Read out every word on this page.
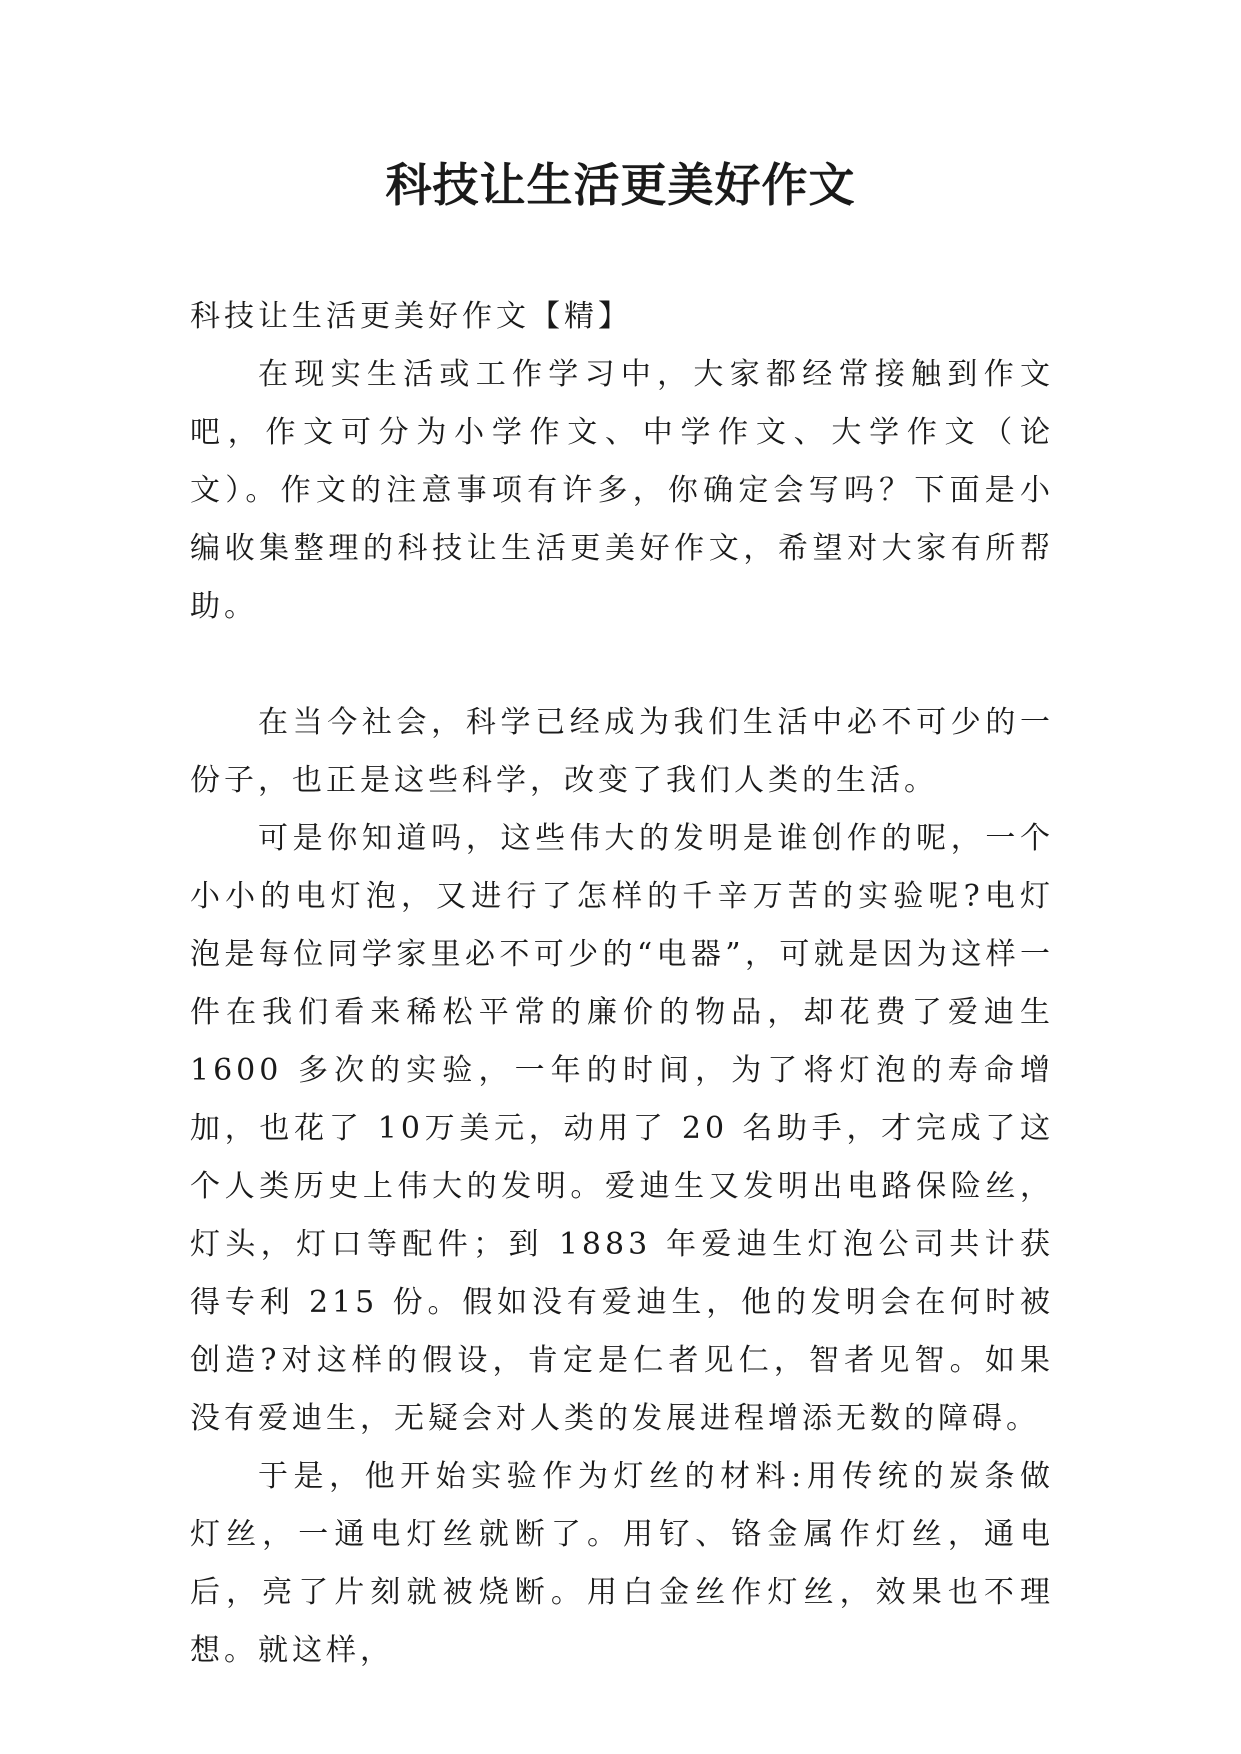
科技让生活更美好作文

科技让生活更美好作文【精】

在现实生活或工作学习中，大家都经常接触到作文吧，作文可分为小学作文、中学作文、大学作文（论文）。作文的注意事项有许多，你确定会写吗？下面是小编收集整理的科技让生活更美好作文，希望对大家有所帮助。

在当今社会，科学已经成为我们生活中必不可少的一份子，也正是这些科学，改变了我们人类的生活。

可是你知道吗，这些伟大的发明是谁创作的呢，一个小小的电灯泡，又进行了怎样的千辛万苦的实验呢?电灯泡是每位同学家里必不可少的“电器”，可就是因为这样一件在我们看来稀松平常的廉价的物品，却花费了爱迪生 1600 多次的实验，一年的时间，为了将灯泡的寿命增加，也花了 10万美元，动用了 20 名助手，才完成了这个人类历史上伟大的发明。爱迪生又发明出电路保险丝，灯头，灯口等配件；到 1883 年爱迪生灯泡公司共计获得专利 215 份。假如没有爱迪生，他的发明会在何时被创造?对这样的假设，肯定是仁者见仁，智者见智。如果没有爱迪生，无疑会对人类的发展进程增添无数的障碍。

于是，他开始实验作为灯丝的材料:用传统的炭条做灯丝，一通电灯丝就断了。用钌、铬金属作灯丝，通电后，亮了片刻就被烧断。用白金丝作灯丝，效果也不理想。就这样，
